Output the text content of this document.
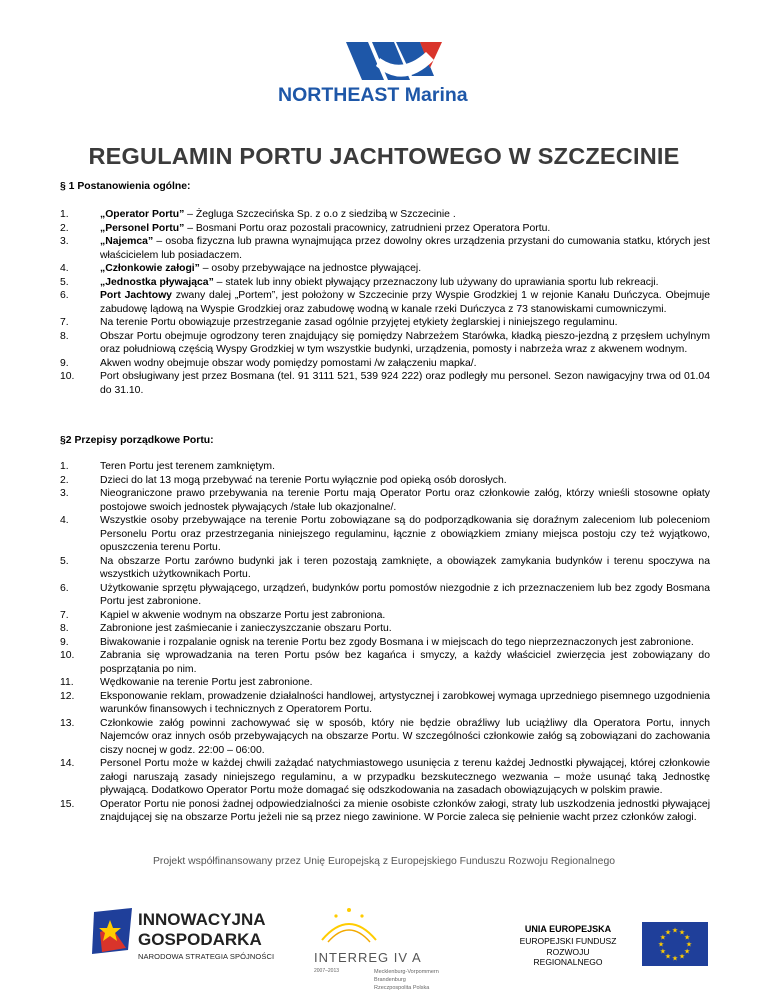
NORTHEAST Marina
REGULAMIN PORTU JACHTOWEGO W SZCZECINIE
§ 1 Postanowienia ogólne:
1.	„Operator Portu” – Żegluga Szczecińska Sp. z o.o z siedzibą w Szczecinie .
2.	„Personel Portu” – Bosmani Portu oraz pozostali pracownicy, zatrudnieni przez Operatora Portu.
3.	„Najemca” – osoba fizyczna lub prawna wynajmująca przez dowolny okres urządzenia przystani do cumowania statku, których jest właścicielem lub posiadaczem.
4.	„Członkowie załogi” – osoby przebywające na jednostce pływającej.
5.	„Jednostka pływająca” – statek lub inny obiekt pływający przeznaczony lub używany do uprawiania sportu lub rekreacji.
6.	Port Jachtowy zwany dalej „Portem”, jest położony w Szczecinie przy Wyspie Grodzkiej 1 w rejonie Kanału Duńczyca. Obejmuje zabudowę lądową na Wyspie Grodzkiej oraz zabudowę wodną w kanale rzeki Duńczyca z 73 stanowiskami cumowniczymi.
7.	Na terenie Portu obowiązuje przestrzeganie zasad ogólnie przyjętej etykiety żeglarskiej i niniejszego regulaminu.
8.	Obszar Portu obejmuje ogrodzony teren znajdujący się pomiędzy Nabrzeżem Starówka, kładką pieszo-jezdną z przęsłem uchylnym oraz południową częścią Wyspy Grodzkiej w tym wszystkie budynki, urządzenia, pomosty i nabrzeża wraz z akwenem wodnym.
9.	Akwen wodny obejmuje obszar wody pomiędzy pomostami /w załączeniu mapka/.
10. Port obsługiwany jest przez Bosmana (tel. 91 3111 521, 539 924 222) oraz podległy mu personel. Sezon nawigacyjny trwa od 01.04 do 31.10.
§2 Przepisy porządkowe Portu:
1.	Teren Portu jest terenem zamkniętym.
2.	Dzieci do lat 13 mogą przebywać na terenie Portu wyłącznie pod opieką osób dorosłych.
3.	Nieograniczone prawo przebywania na terenie Portu mają Operator Portu oraz członkowie załóg, którzy wnieśli stosowne opłaty postojowe swoich jednostek pływających /stałe lub okazjonalne/.
4.	Wszystkie osoby przebywające na terenie Portu zobowiązane są do podporządkowania się doraźnym zaleceniom lub poleceniom Personelu Portu oraz przestrzegania niniejszego regulaminu, łącznie z obowiązkiem zmiany miejsca postoju czy też wyjątkowo, opuszczenia terenu Portu.
5.	Na obszarze Portu zarówno budynki jak i teren pozostają zamknięte, a obowiązek zamykania budynków i terenu spoczywa na wszystkich użytkownikach Portu.
6.	Użytkowanie sprzętu pływającego, urządzeń, budynków portu pomostów niezgodnie z ich przeznaczeniem lub bez zgody Bosmana Portu jest zabronione.
7.	Kąpiel w akwenie wodnym na obszarze Portu jest zabroniona.
8.	Zabronione jest zaśmiecanie i zanieczyszczanie obszaru Portu.
9.	Biwakowanie i rozpalanie ognisk na terenie Portu bez zgody Bosmana i w miejscach do tego nieprzeznaczonych jest zabronione.
10. Zabrania się wprowadzania na teren Portu psów bez kagańca i smyczy, a każdy właściciel zwierzęcia jest zobowiązany do posprzątania po nim.
11.	Wędkowanie na terenie Portu jest zabronione.
12. Eksponowanie reklam, prowadzenie działalności handlowej, artystycznej i zarobkowej wymaga uprzedniego pisemnego uzgodnienia warunków finansowych i technicznych z Operatorem Portu.
13. Członkowie załóg powinni zachowywać się w sposób, który nie będzie obraźliwy lub uciążliwy dla Operatora Portu, innych Najemców oraz innych osób przebywających na obszarze Portu. W szczególności członkowie załóg są zobowiązani do zachowania ciszy nocnej w godz. 22:00 – 06:00.
14. Personel Portu może w każdej chwili zażądać natychmiastowego usunięcia z terenu każdej Jednostki pływającej, której członkowie załogi naruszają zasady niniejszego regulaminu, a w przypadku bezskutecznego wezwania – może usunąć taką Jednostkę pływającą. Dodatkowo Operator Portu może domagać się odszkodowania na zasadach obowiązujących w polskim prawie.
15. Operator Portu nie ponosi żadnej odpowiedzialności za mienie osobiste członków załogi, straty lub uszkodzenia jednostki pływającej znajdującej się na obszarze Portu jeżeli nie są przez niego zawinione. W Porcie zaleca się pełnienie wacht przez członków załogi.
Projekt współfinansowany przez Unię Europejską z Europejskiego Funduszu Rozwoju Regionalnego
INNOWACYJNA
GOSPODARKA
NARODOWA STRATEGIA SPÓJNOŚCI	INTERREG IV A
2007–2013	Mecklenburg-Vorpommern
Brandenburg
Rzeczpospolita Polska
UNIA EUROPEJSKA
EUROPEJSKI FUNDUSZ
ROZWOJU REGIONALNEGO
★
★
★
★
★
★
★
★
★ ★ ★
★
